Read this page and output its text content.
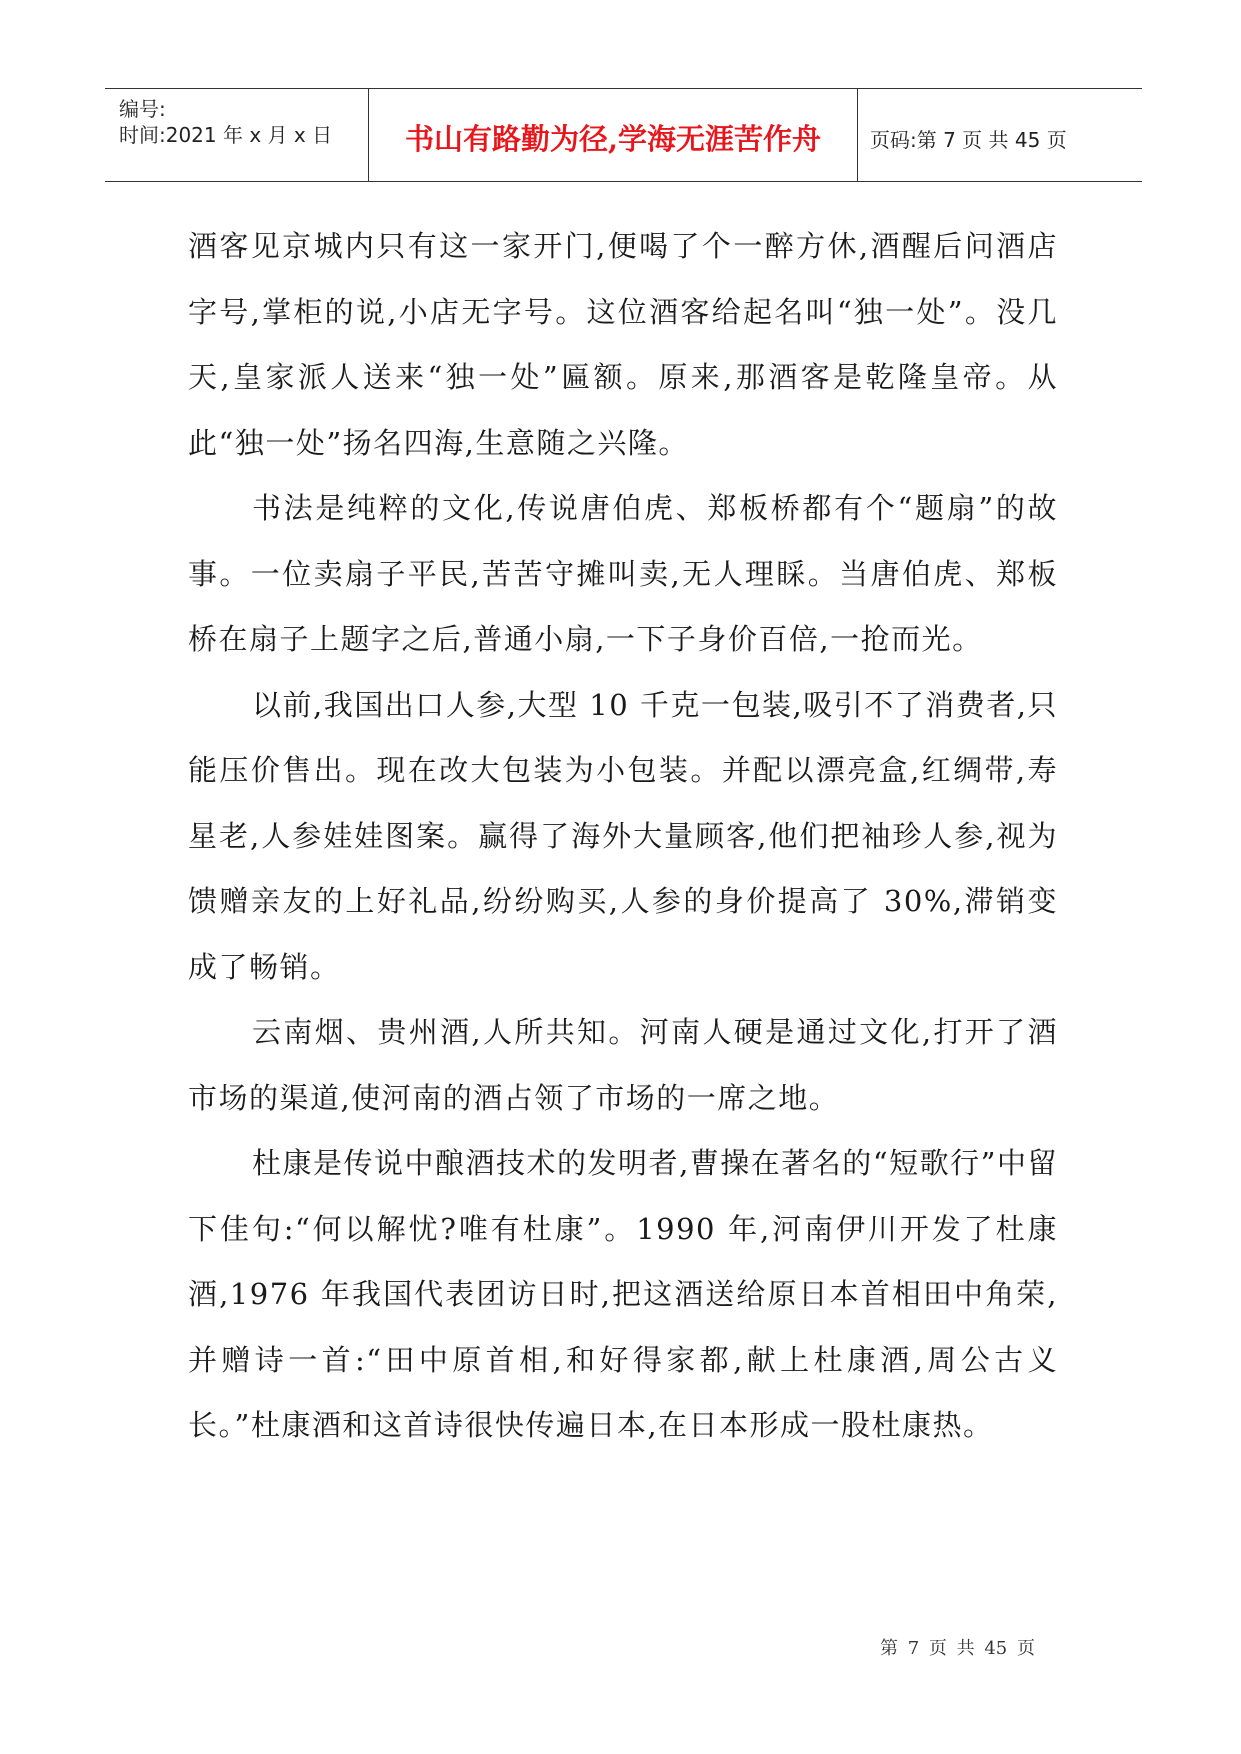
编号:
时间:2021 年 x 月 x 日	书山有路勤为径,学海无涯苦作舟	页码:第 7 页 共 45 页

酒客见京城内只有这一家开门,便喝了个一醉方休,酒醒后问酒店字号,掌柜的说,小店无字号。这位酒客给起名叫“独一处”。没几天,皇家派人送来“独一处”匾额。原来,那酒客是乾隆皇帝。从此“独一处”扬名四海,生意随之兴隆。

书法是纯粹的文化,传说唐伯虎、郑板桥都有个“题扇”的故事。一位卖扇子平民,苦苦守摊叫卖,无人理睬。当唐伯虎、郑板桥在扇子上题字之后,普通小扇,一下子身价百倍,一抢而光。

以前,我国出口人参,大型 10 千克一包装,吸引不了消费者,只能压价售出。现在改大包装为小包装。并配以漂亮盒,红绸带,寿星老,人参娃娃图案。赢得了海外大量顾客,他们把袖珍人参,视为馈赠亲友的上好礼品,纷纷购买,人参的身价提高了 30%,滞销变成了畅销。

云南烟、贵州酒,人所共知。河南人硬是通过文化,打开了酒市场的渠道,使河南的酒占领了市场的一席之地。

杜康是传说中酿酒技术的发明者,曹操在著名的“短歌行”中留下佳句:“何以解忧?唯有杜康”。1990 年,河南伊川开发了杜康酒,1976 年我国代表团访日时,把这酒送给原日本首相田中角荣,并赠诗一首:“田中原首相,和好得家都,献上杜康酒,周公古义长。”杜康酒和这首诗很快传遍日本,在日本形成一股杜康热。

第 7 页 共 45 页
